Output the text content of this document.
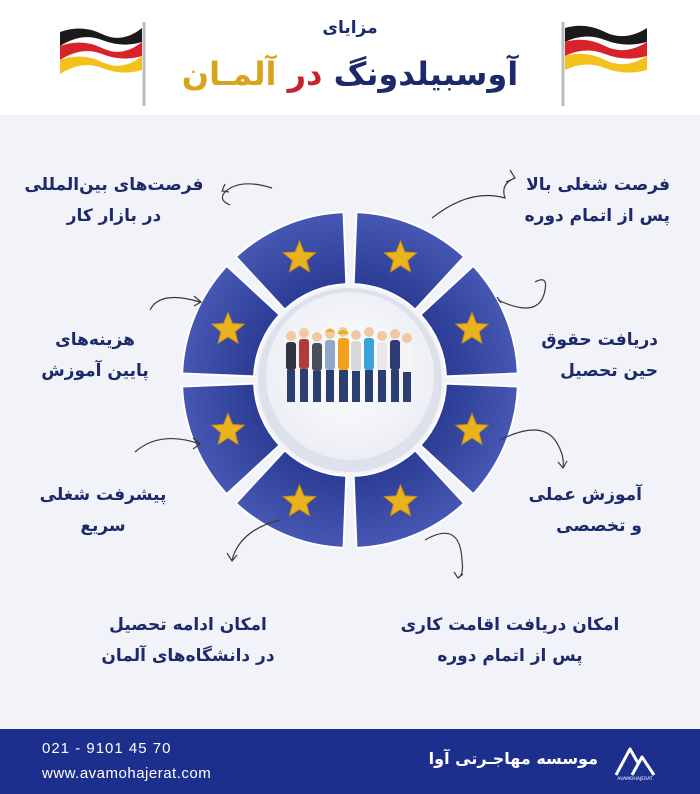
مزایای
آوسبیلدونگ در آلمـان
فرصت شغلی بالا
پس از اتمام دوره
دریافت حقوق
حین تحصیل
آموزش عملی
و تخصصی
امکان دریافت اقامت کاری
پس از اتمام دوره
فرصت‌های بین‌المللی
در بازار کار
هزینه‌های
پایین آموزش
پیشرفت شغلی
سریع
امکان ادامه تحصیل
در دانشگاه‌های آلمان
021 - 9101 45 70
www.avamohajerat.com
موسسه مهاجـرتی آوا
AVAMOHAJERAT
